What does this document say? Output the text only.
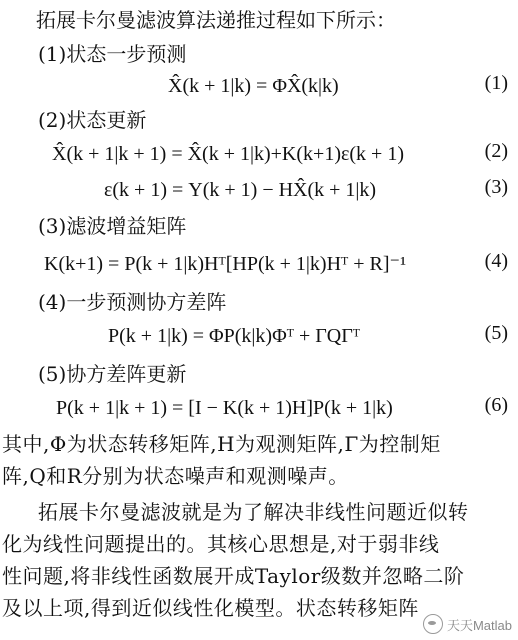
拓展卡尔曼滤波算法递推过程如下所示：
(1)状态一步预测
X̂(k + 1|k) = ΦX̂(k|k)	(1)
(2)状态更新
X̂(k + 1|k + 1) = X̂(k + 1|k)+K(k+1)ε(k + 1)	(2)
ε(k + 1) = Y(k + 1) − HX̂(k + 1|k)	(3)
(3)滤波增益矩阵
K(k+1) = P(k + 1|k)Hᵀ[HP(k + 1|k)Hᵀ + R]⁻¹	(4)
(4)一步预测协方差阵
P(k + 1|k) = ΦP(k|k)Φᵀ + ΓQΓᵀ	(5)
(5)协方差阵更新
P(k + 1|k + 1) = [I − K(k + 1)H]P(k + 1|k)	(6)
其中,Φ为状态转移矩阵,H为观测矩阵,Γ为控制矩
阵,Q和R分别为状态噪声和观测噪声。
拓展卡尔曼滤波就是为了解决非线性问题近似转
化为线性问题提出的。其核心思想是,对于弱非线
性问题,将非线性函数展开成Taylor级数并忽略二阶
及以上项,得到近似线性化模型。状态转移矩阵
天天Matlab
